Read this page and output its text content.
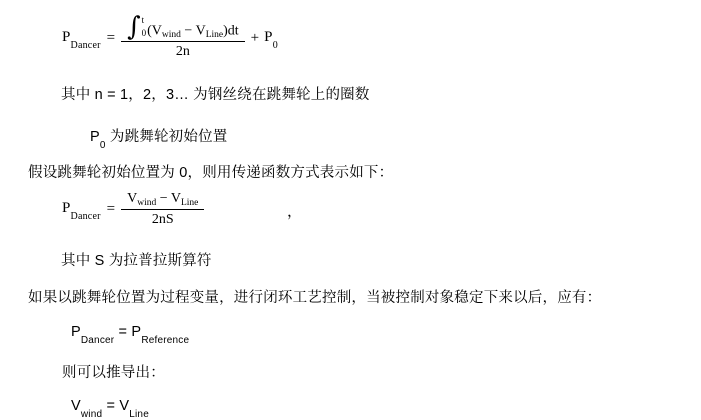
$P_{Dancer}$ = ∫ t
0 $(V_{wind} - V_{Line})dt$
2n
+ $P_0$
其中 n = 1，2，3… 为钢丝绕在跳舞轮上的圈数
$P_0$ 为跳舞轮初始位置
假设跳舞轮初始位置为 0，则用传递函数方式表示如下：
$P_{Dancer} = \frac{V_{wind} - V_{Line}}{2nS}$	，
其中 S 为拉普拉斯算符
如果以跳舞轮位置为过程变量，进行闭环工艺控制，当被控制对象稳定下来以后，应有：
$P_{Dancer} = P_{Reference}$
则可以推导出：
$V_{wind} = V_{Line}$
